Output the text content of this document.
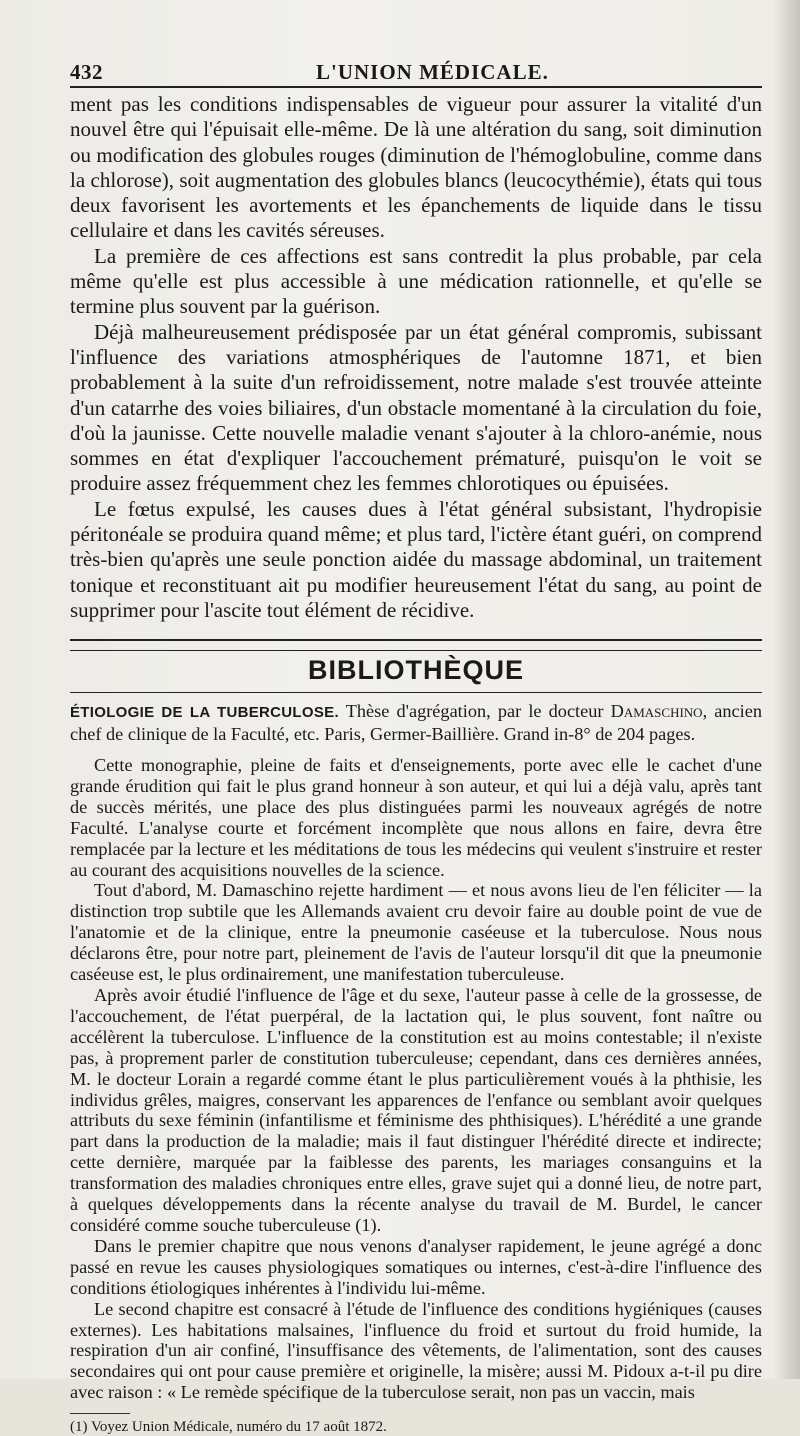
432	L'UNION MÉDICALE.

ment pas les conditions indispensables de vigueur pour assurer la vitalité d'un nouvel être qui l'épuisait elle-même. De là une altération du sang, soit diminution ou modification des globules rouges (diminution de l'hémoglobuline, comme dans la chlorose), soit augmentation des globules blancs (leucocythémie), états qui tous deux favorisent les avortements et les épanchements de liquide dans le tissu cellulaire et dans les cavités séreuses.

La première de ces affections est sans contredit la plus probable, par cela même qu'elle est plus accessible à une médication rationnelle, et qu'elle se termine plus souvent par la guérison.

Déjà malheureusement prédisposée par un état général compromis, subissant l'influence des variations atmosphériques de l'automne 1871, et bien probablement à la suite d'un refroidissement, notre malade s'est trouvée atteinte d'un catarrhe des voies biliaires, d'un obstacle momentané à la circulation du foie, d'où la jaunisse. Cette nouvelle maladie venant s'ajouter à la chloro-anémie, nous sommes en état d'expliquer l'accouchement prématuré, puisqu'on le voit se produire assez fréquemment chez les femmes chlorotiques ou épuisées.

Le fœtus expulsé, les causes dues à l'état général subsistant, l'hydropisie péritonéale se produira quand même; et plus tard, l'ictère étant guéri, on comprend très-bien qu'après une seule ponction aidée du massage abdominal, un traitement tonique et reconstituant ait pu modifier heureusement l'état du sang, au point de supprimer pour l'ascite tout élément de récidive.

BIBLIOTHÈQUE

ÉTIOLOGIE DE LA TUBERCULOSE. Thèse d'agrégation, par le docteur Damaschino, ancien chef de clinique de la Faculté, etc. Paris, Germer-Baillière. Grand in-8° de 204 pages.

Cette monographie, pleine de faits et d'enseignements, porte avec elle le cachet d'une grande érudition qui fait le plus grand honneur à son auteur, et qui lui a déjà valu, après tant de succès mérités, une place des plus distinguées parmi les nouveaux agrégés de notre Faculté. L'analyse courte et forcément incomplète que nous allons en faire, devra être remplacée par la lecture et les méditations de tous les médecins qui veulent s'instruire et rester au courant des acquisitions nouvelles de la science.

Tout d'abord, M. Damaschino rejette hardiment — et nous avons lieu de l'en féliciter — la distinction trop subtile que les Allemands avaient cru devoir faire au double point de vue de l'anatomie et de la clinique, entre la pneumonie caséeuse et la tuberculose. Nous nous déclarons être, pour notre part, pleinement de l'avis de l'auteur lorsqu'il dit que la pneumonie caséeuse est, le plus ordinairement, une manifestation tuberculeuse.

Après avoir étudié l'influence de l'âge et du sexe, l'auteur passe à celle de la grossesse, de l'accouchement, de l'état puerpéral, de la lactation qui, le plus souvent, font naître ou accélèrent la tuberculose. L'influence de la constitution est au moins contestable; il n'existe pas, à proprement parler de constitution tuberculeuse; cependant, dans ces dernières années, M. le docteur Lorain a regardé comme étant le plus particulièrement voués à la phthisie, les individus grêles, maigres, conservant les apparences de l'enfance ou semblant avoir quelques attributs du sexe féminin (infantilisme et féminisme des phthisiques). L'hérédité a une grande part dans la production de la maladie; mais il faut distinguer l'hérédité directe et indirecte; cette dernière, marquée par la faiblesse des parents, les mariages consanguins et la transformation des maladies chroniques entre elles, grave sujet qui a donné lieu, de notre part, à quelques développements dans la récente analyse du travail de M. Burdel, le cancer considéré comme souche tuberculeuse (1).

Dans le premier chapitre que nous venons d'analyser rapidement, le jeune agrégé a donc passé en revue les causes physiologiques somatiques ou internes, c'est-à-dire l'influence des conditions étiologiques inhérentes à l'individu lui-même.

Le second chapitre est consacré à l'étude de l'influence des conditions hygiéniques (causes externes). Les habitations malsaines, l'influence du froid et surtout du froid humide, la respiration d'un air confiné, l'insuffisance des vêtements, de l'alimentation, sont des causes secondaires qui ont pour cause première et originelle, la misère; aussi M. Pidoux a-t-il pu dire avec raison : « Le remède spécifique de la tuberculose serait, non pas un vaccin, mais

(1) Voyez Union Médicale, numéro du 17 août 1872.
